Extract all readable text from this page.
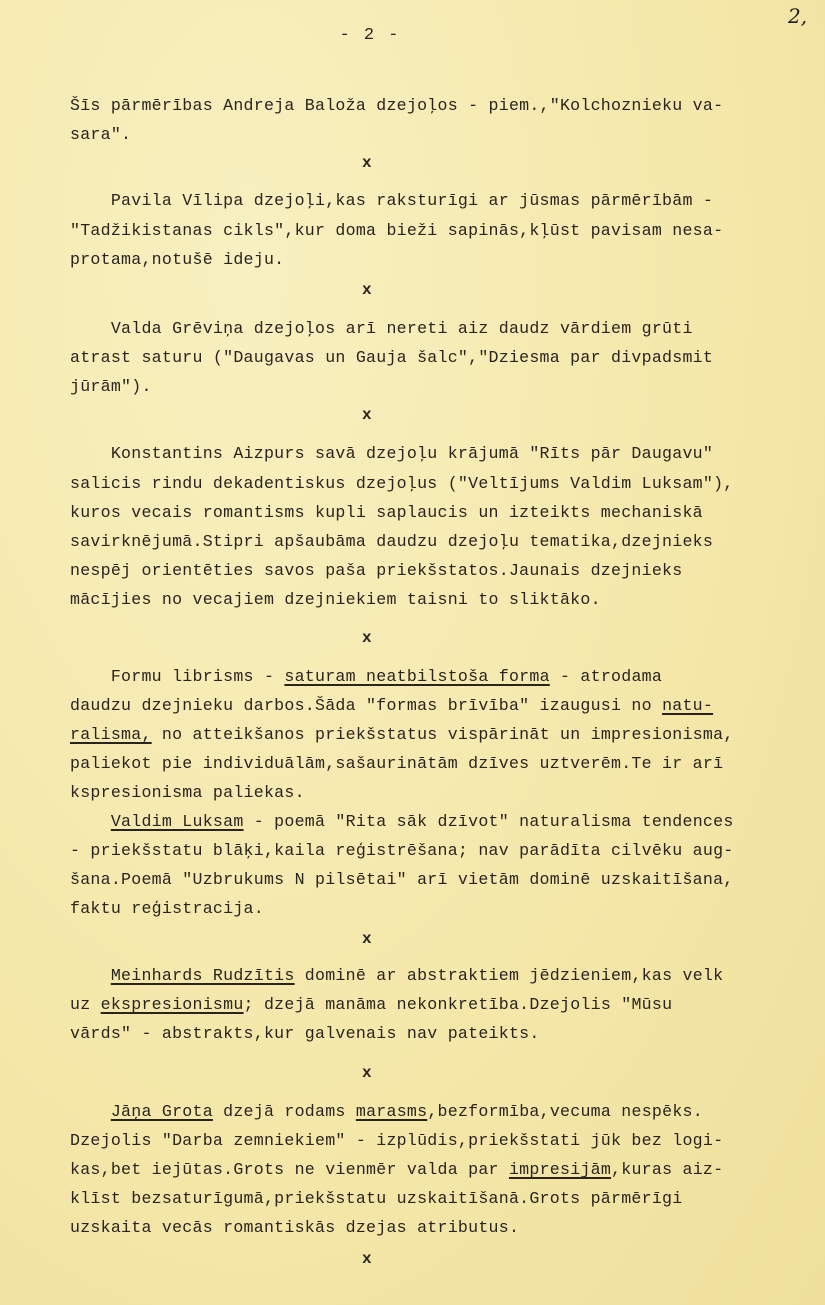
- 2 -
2,
Šīs pārmērības Andreja Baloža dzejoļos - piem.,"Kolchoznieku va-
sara".
x
Pavila Vīlipa dzejoļi,kas raksturīgi ar jūsmas pārmērībām -
"Tadžikistanas cikls",kur doma bieži sapinās,kļūst pavisam nesa-
protama,notušē ideju.
x
Valda Grēviņa dzejoļos arī nereti aiz daudz vārdiem grūti
atrast saturu ("Daugavas un Gauja šalc","Dziesma par divpadsmit
jūrām").
x
Konstantins Aizpurs savā dzejoļu krājumā "Rīts pār Daugavu"
salicis rindu dekadentiskus dzejoļus ("Veltījums Valdim Luksam"),
kuros vecais romantisms kupli saplaucis un izteikts mechaniskā
savirknējumā.Stipri apšaubāma daudzu dzejoļu tematika,dzejnieks
nespēj orientēties savos paša priekšstatos.Jaunais dzejnieks
mācījies no vecajiem dzejniekiem taisni to sliktāko.
x
Formu librisms - saturam neatbilstoša forma - atrodama
daudzu dzejnieku darbos.Šāda "formas brīvība" izaugusi no natu-
ralisma, no atteikšanos priekšstatus vispārināt un impresionisma,
paliekot pie individuālām,sašaurinātām dzīves uztverēm.Te ir arī
kspresionisma paliekas.
Valdim Luksam - poemā "Rita sāk dzīvot" naturalisma tendences
- priekšstatu blāķi,kaila reģistrēšana; nav parādīta cilvēku aug-
šana.Poemā "Uzbrukums N pilsētai" arī vietām dominē uzskaitīšana,
faktu reģistracija.
x
Meinhards Rudzītis dominē ar abstraktiem jēdzieniem,kas velk
uz ekspresionismu; dzejā manāma nekonkretība.Dzejolis "Mūsu
vārds" - abstrakts,kur galvenais nav pateikts.
x
Jāņa Grota dzejā rodams marasms,bezformība,vecuma nespēks.
Dzejolis "Darba zemniekiem" - izplūdis,priekšstati jūk bez logi-
kas,bet iejūtas.Grots ne vienmēr valda par impresijām,kuras aiz-
klīst bezsaturīgumā,priekšstatu uzskaitīšanā.Grots pārmērīgi
uzskaita vecās romantiskās dzejas atributus.
x
